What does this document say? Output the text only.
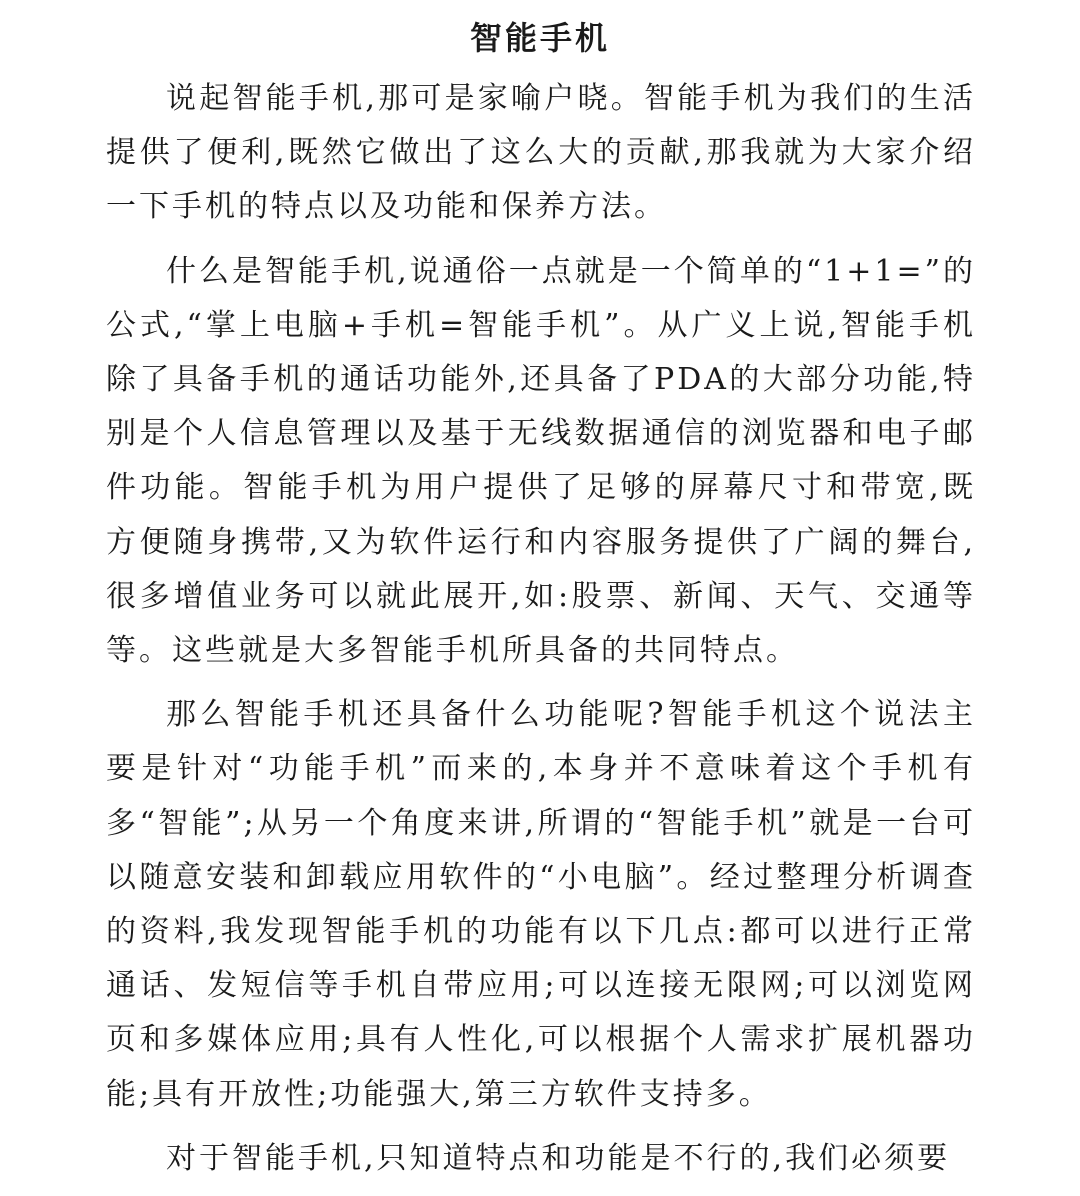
智能手机

说起智能手机,那可是家喻户晓。智能手机为我们的生活提供了便利,既然它做出了这么大的贡献,那我就为大家介绍一下手机的特点以及功能和保养方法。

什么是智能手机,说通俗一点就是一个简单的“1+1=”的公式,“掌上电脑+手机=智能手机”。从广义上说,智能手机除了具备手机的通话功能外,还具备了PDA的大部分功能,特别是个人信息管理以及基于无线数据通信的浏览器和电子邮件功能。智能手机为用户提供了足够的屏幕尺寸和带宽,既方便随身携带,又为软件运行和内容服务提供了广阔的舞台,很多增值业务可以就此展开,如:股票、新闻、天气、交通等等。这些就是大多智能手机所具备的共同特点。

那么智能手机还具备什么功能呢?智能手机这个说法主要是针对“功能手机”而来的,本身并不意味着这个手机有多“智能”;从另一个角度来讲,所谓的“智能手机”就是一台可以随意安装和卸载应用软件的“小电脑”。经过整理分析调查的资料,我发现智能手机的功能有以下几点:都可以进行正常通话、发短信等手机自带应用;可以连接无限网;可以浏览网页和多媒体应用;具有人性化,可以根据个人需求扩展机器功能;具有开放性;功能强大,第三方软件支持多。

对于智能手机,只知道特点和功能是不行的,我们必须要
